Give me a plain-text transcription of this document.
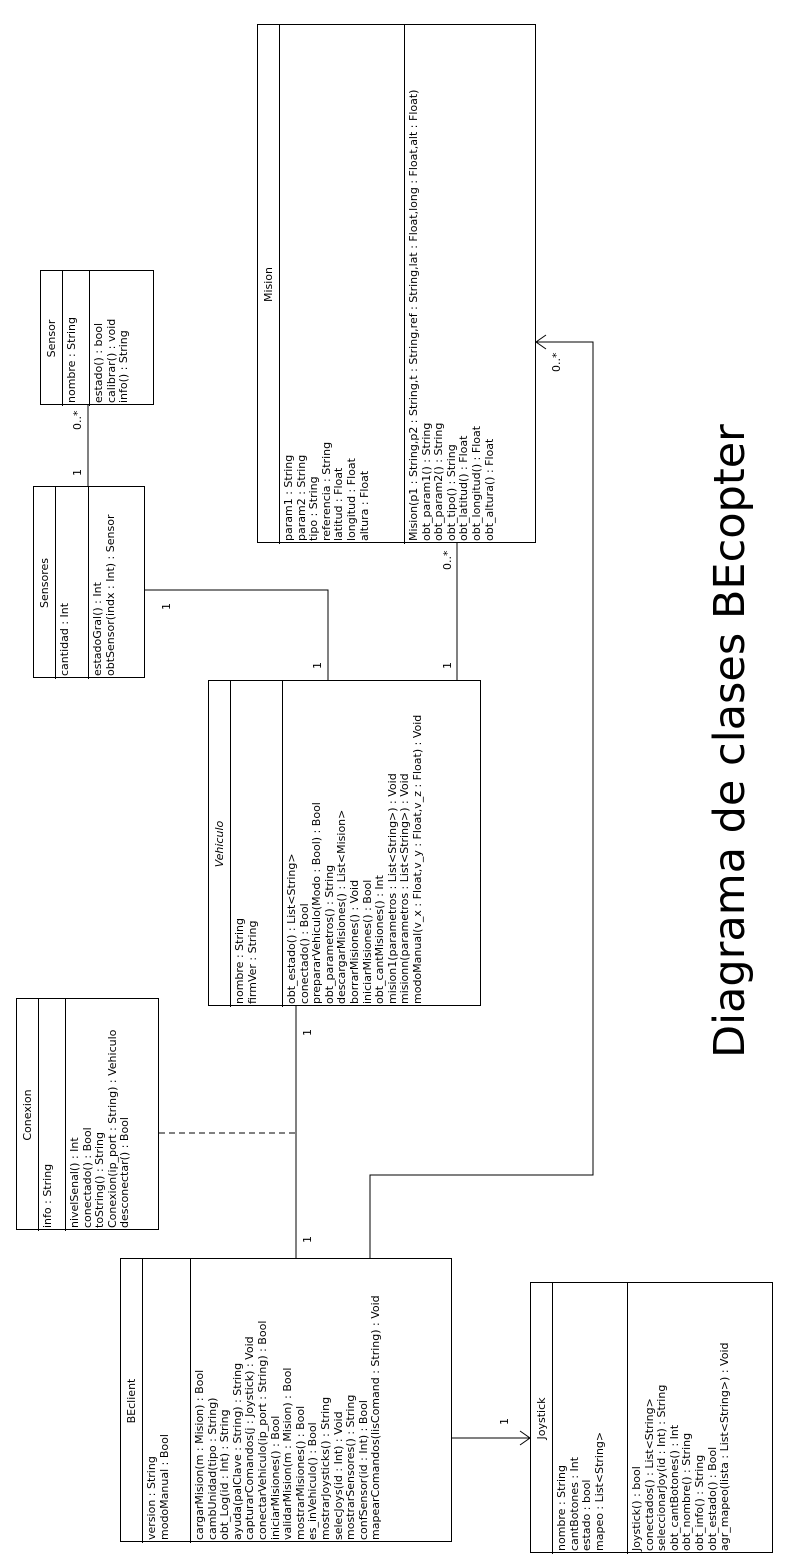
1
0..*
1
1	1
0..*
1
1
0..*
1
Sensor nombre : String estado() : bool calibrar() : void info() : String
Sensores
cantidad : Int estadoGral() : Int obtSensor(indx : Int) : Sensor
Mision
param1 : String param2 : String tipo : String referencia : String latitud : Float longitud : Float altura : Float	Mision(p1 : String,p2 : String,t : String,ref : String,lat : Float,long : Float,alt : Float) obt_param1() : String obt_param2() : String obt_tipo() : String obt_latitud() : Float obt_longitud() : Float obt_altura() : Float
Vehiculo
nombre : String firmVer : String obt_estado() : List<String> conectado() : Bool prepararVehiculo(Modo : Bool) : Bool obt_parametros() : String descargarMisiones() : List<Mision> borrarMisiones() : Void iniciarMisiones() : Bool obt_cantMisiones() : Int mision1(parametros : List<String>) : Void misionn(parametros : List<String>) : Void modoManual(v_x : Float,v_y : Float,v_z : Float) : Void
Conexion
info : String nivelSenal() : Int conectado() : Bool toString() : String Conexion(ip_port : String) : Vehiculo desconectar() : Bool
BEclient
version : String modoManual : Bool cargarMision(m : Mision) : Bool cambUnidad(tipo : String) obt_Log(id : Int) : String ayuda(palClave : String) : String capturarComandos(j : Joystick) : Void conectarVehiculo(ip_port : String) : Bool iniciarMisiones() : Bool validarMision(m : Mision) : Bool mostrarMisiones() : Bool es_inVehiculo() : Bool mostrarJoysticks() : String selecJoys(id : Int) : Void mostrarSensores() : String confSensor(id : Int) : Bool mapearComandos(lisComand : String) : Void	Joystick
nombre : String cantBotones : Int estado : bool mapeo : List<String> Joystick() : bool conectados() : List<String> seleccionarJoy(id : Int) : String obt_cantBotones() : Int obt_nombre() : String obt_info() : String obt_estado() : Bool agr_mapeo(lista : List<String>) : Void
Diagrama de clases BEcopter
